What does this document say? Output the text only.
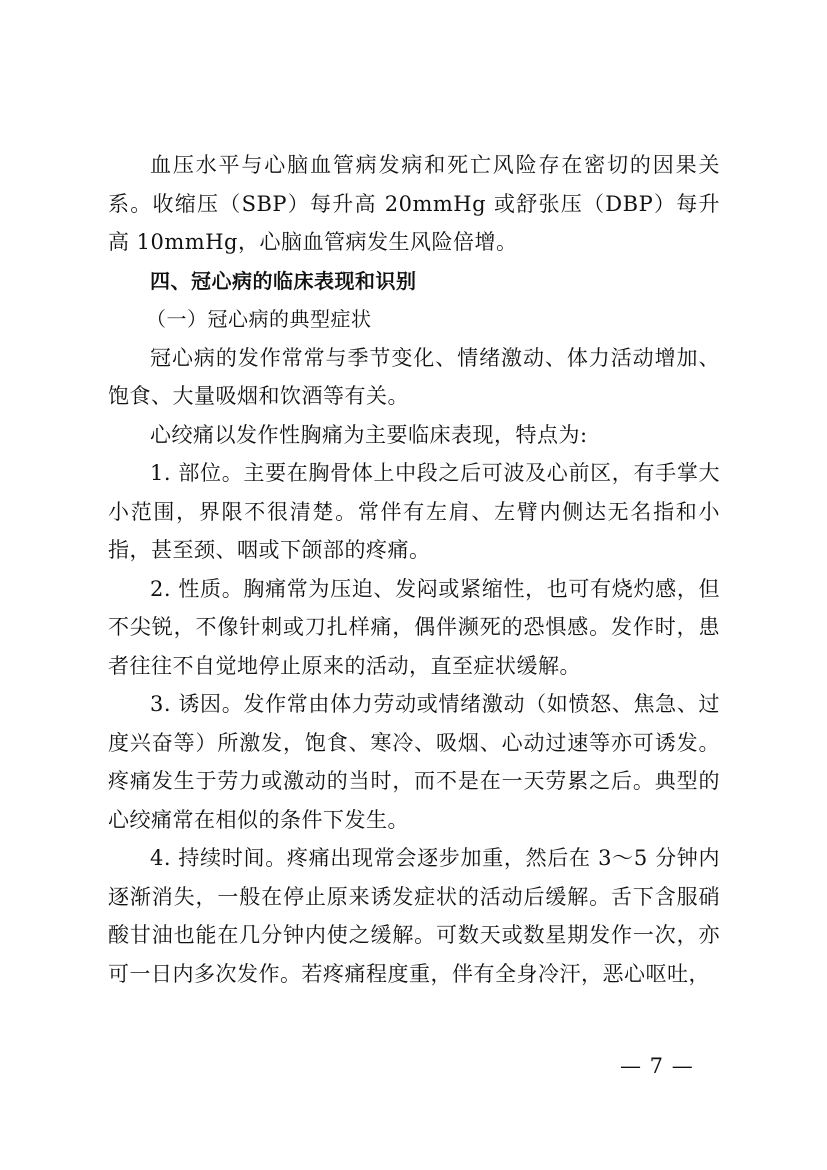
血压水平与心脑血管病发病和死亡风险存在密切的因果关系。收缩压（SBP）每升高 20mmHg 或舒张压（DBP）每升高 10mmHg，心脑血管病发生风险倍增。

四、冠心病的临床表现和识别

（一）冠心病的典型症状

冠心病的发作常常与季节变化、情绪激动、体力活动增加、饱食、大量吸烟和饮酒等有关。

心绞痛以发作性胸痛为主要临床表现，特点为:

1. 部位。主要在胸骨体上中段之后可波及心前区，有手掌大小范围，界限不很清楚。常伴有左肩、左臂内侧达无名指和小指，甚至颈、咽或下颌部的疼痛。

2. 性质。胸痛常为压迫、发闷或紧缩性，也可有烧灼感，但不尖锐，不像针刺或刀扎样痛，偶伴濒死的恐惧感。发作时，患者往往不自觉地停止原来的活动，直至症状缓解。

3. 诱因。发作常由体力劳动或情绪激动（如愤怒、焦急、过度兴奋等）所激发，饱食、寒冷、吸烟、心动过速等亦可诱发。疼痛发生于劳力或激动的当时，而不是在一天劳累之后。典型的心绞痛常在相似的条件下发生。

4. 持续时间。疼痛出现常会逐步加重，然后在 3～5 分钟内逐渐消失，一般在停止原来诱发症状的活动后缓解。舌下含服硝酸甘油也能在几分钟内使之缓解。可数天或数星期发作一次，亦可一日内多次发作。若疼痛程度重，伴有全身冷汗，恶心呕吐，

— 7 —
